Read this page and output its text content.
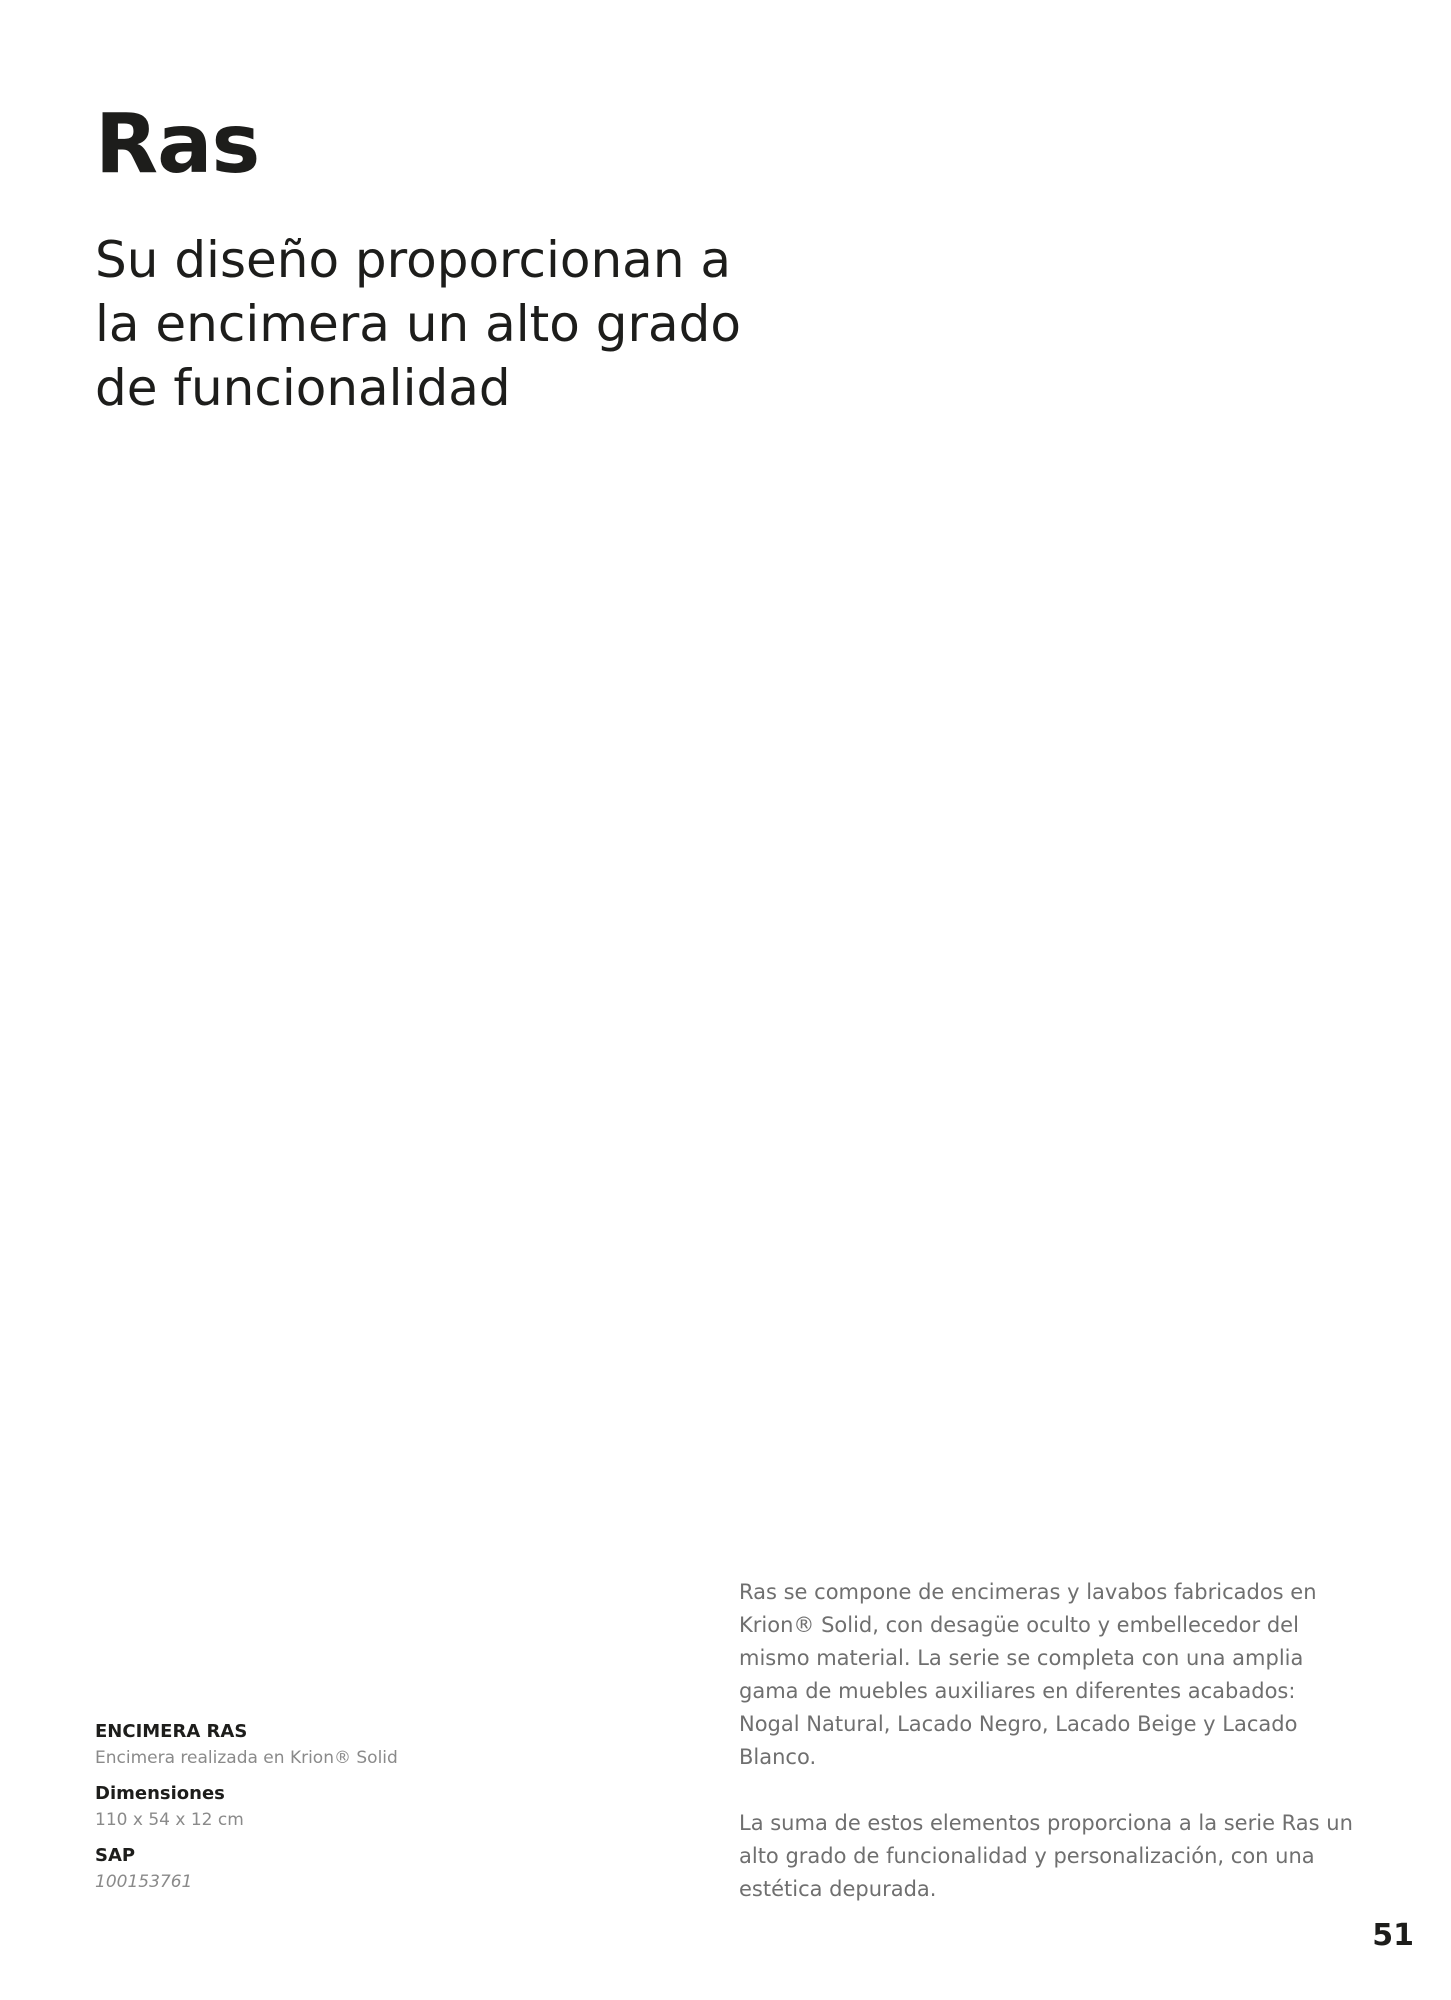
Ras
Su diseño proporcionan a
la encimera un alto grado
de funcionalidad

ENCIMERA RAS

Encimera realizada en Krion® Solid

Dimensiones

110 x 54 x 12 cm

SAP

100153761

Ras se compone de encimeras y lavabos fabricados en
Krion® Solid, con desagüe oculto y embellecedor del
mismo material. La serie se completa con una amplia
gama de muebles auxiliares en diferentes acabados:
Nogal Natural, Lacado Negro, Lacado Beige y Lacado
Blanco.

La suma de estos elementos proporciona a la serie Ras un
alto grado de funcionalidad y personalización, con una
estética depurada.

51
